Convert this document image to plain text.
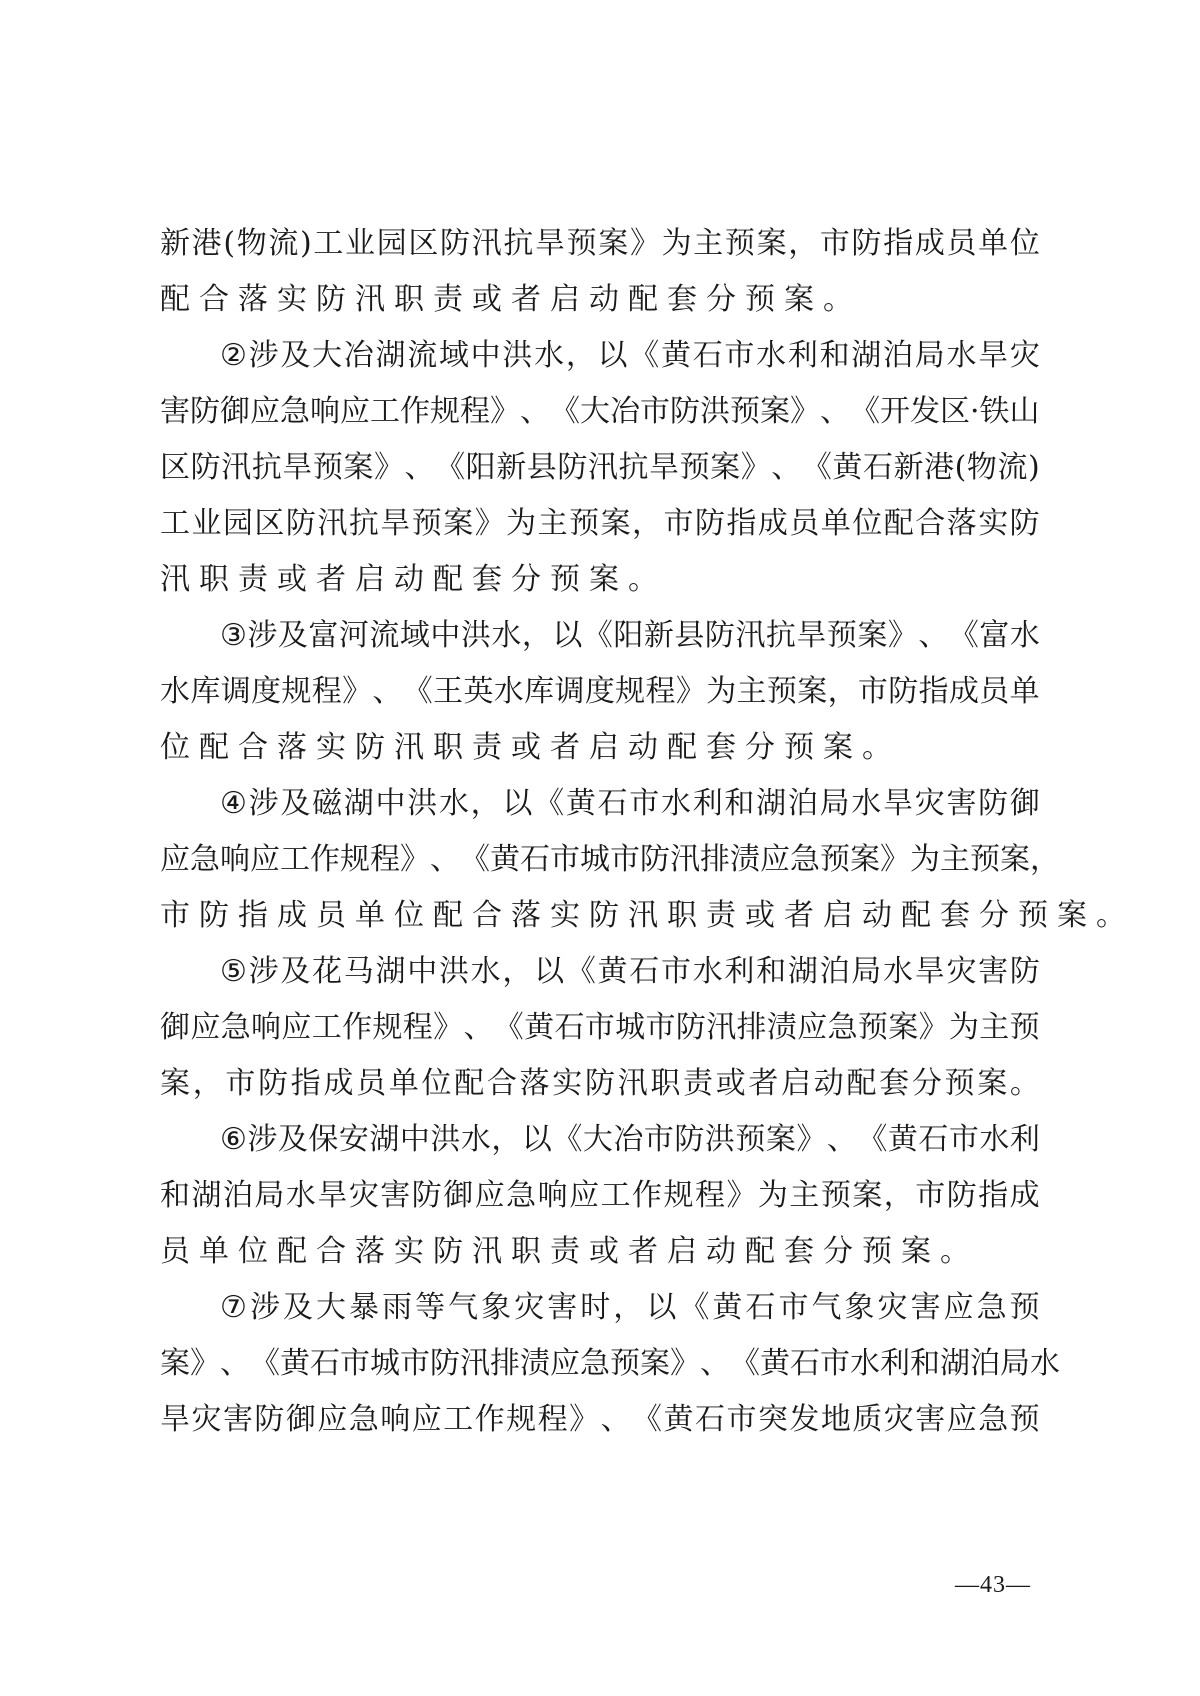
新 港 ( 物 流 ) 工 业 园 区 防 汛 抗 旱 预 案 》 为 主 预 案 ， 市 防 指 成 员 单 位
配合落实防汛职责或者启动配套分预案。
② 涉 及 大 冶 湖 流 域 中 洪 水 ， 以 《 黄 石 市 水 利 和 湖 泊 局 水 旱 灾
害 防 御 应 急 响 应 工 作 规 程 》 、 《 大 冶 市 防 洪 预 案 》 、 《 开 发 区 · 铁 山
区 防 汛 抗 旱 预 案 》 、 《 阳 新 县 防 汛 抗 旱 预 案 》 、 《 黄 石 新 港 ( 物 流 )
工 业 园 区 防 汛 抗 旱 预 案 》 为 主 预 案 ， 市 防 指 成 员 单 位 配 合 落 实 防
汛职责或者启动配套分预案。
③ 涉 及 富 河 流 域 中 洪 水 ， 以 《 阳 新 县 防 汛 抗 旱 预 案 》 、 《 富 水
水 库 调 度 规 程 》 、 《 王 英 水 库 调 度 规 程 》 为 主 预 案 ， 市 防 指 成 员 单
位配合落实防汛职责或者启动配套分预案。
④ 涉 及 磁 湖 中 洪 水 ， 以 《 黄 石 市 水 利 和 湖 泊 局 水 旱 灾 害 防 御
应 急 响 应 工 作 规 程 》 、 《 黄 石 市 城 市 防 汛 排 渍 应 急 预 案 》 为 主 预 案 ，
市防指成员单位配合落实防汛职责或者启动配套分预案。
⑤ 涉 及 花 马 湖 中 洪 水 ， 以 《 黄 石 市 水 利 和 湖 泊 局 水 旱 灾 害 防
御 应 急 响 应 工 作 规 程 》 、 《 黄 石 市 城 市 防 汛 排 渍 应 急 预 案 》 为 主 预
案 ， 市 防 指 成 员 单 位 配 合 落 实 防 汛 职 责 或 者 启 动 配 套 分 预 案 。
⑥ 涉 及 保 安 湖 中 洪 水 ， 以 《 大 冶 市 防 洪 预 案 》 、 《 黄 石 市 水 利
和 湖 泊 局 水 旱 灾 害 防 御 应 急 响 应 工 作 规 程 》 为 主 预 案 ， 市 防 指 成
员单位配合落实防汛职责或者启动配套分预案。
⑦ 涉 及 大 暴 雨 等 气 象 灾 害 时 ， 以 《 黄 石 市 气 象 灾 害 应 急 预
案 》 、 《 黄 石 市 城 市 防 汛 排 渍 应 急 预 案 》 、 《 黄 石 市 水 利 和 湖 泊 局 水
旱 灾 害 防 御 应 急 响 应 工 作 规 程 》 、 《 黄 石 市 突 发 地 质 灾 害 应 急 预
—43—
